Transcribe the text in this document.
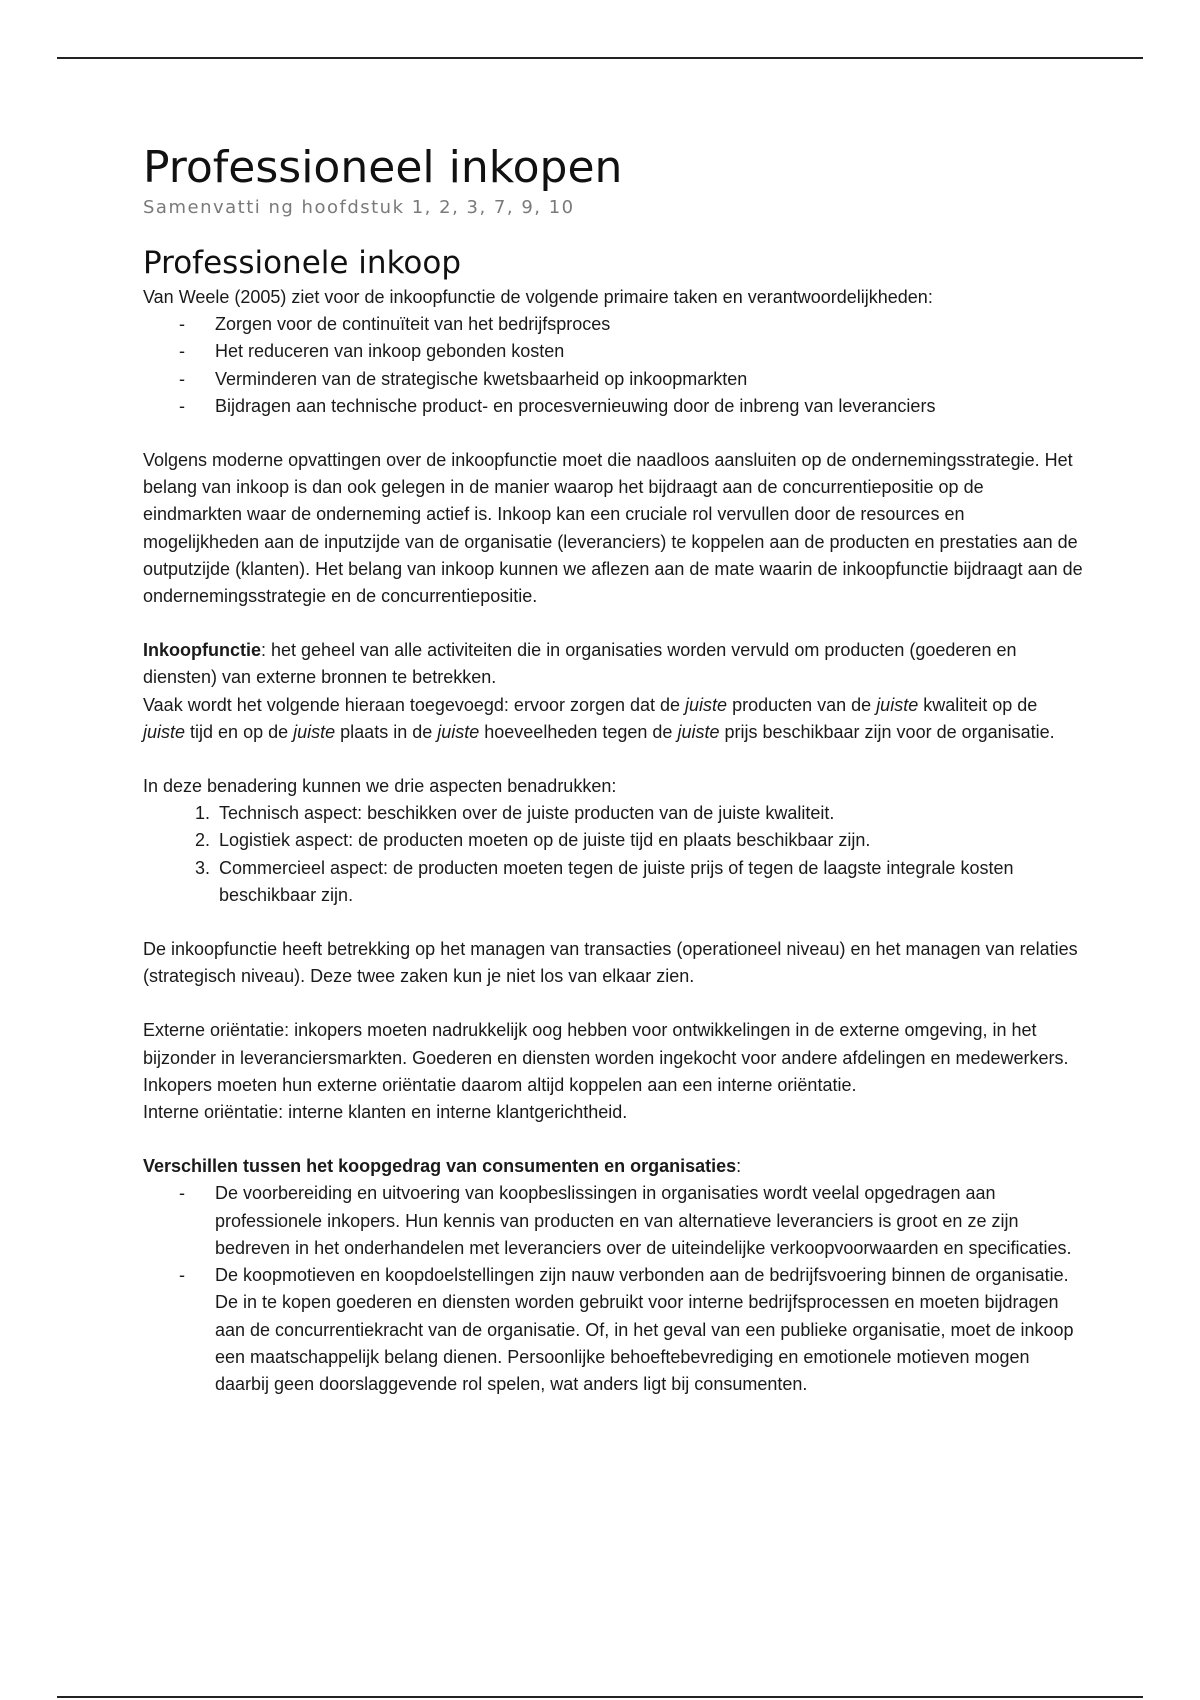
Professioneel inkopen
Samenvatti ng hoofdstuk 1, 2, 3, 7, 9, 10
Professionele inkoop

Van Weele (2005) ziet voor de inkoopfunctie de volgende primaire taken en verantwoordelijkheden:

- Zorgen voor de continuïteit van het bedrijfsproces
- Het reduceren van inkoop gebonden kosten
- Verminderen van de strategische kwetsbaarheid op inkoopmarkten
- Bijdragen aan technische product- en procesvernieuwing door de inbreng van leveranciers

Volgens moderne opvattingen over de inkoopfunctie moet die naadloos aansluiten op de ondernemingsstrategie. Het belang van inkoop is dan ook gelegen in de manier waarop het bijdraagt aan de concurrentiepositie op de eindmarkten waar de onderneming actief is. Inkoop kan een cruciale rol vervullen door de resources en mogelijkheden aan de inputzijde van de organisatie (leveranciers) te koppelen aan de producten en prestaties aan de outputzijde (klanten). Het belang van inkoop kunnen we aflezen aan de mate waarin de inkoopfunctie bijdraagt aan de ondernemingsstrategie en de concurrentiepositie.

Inkoopfunctie: het geheel van alle activiteiten die in organisaties worden vervuld om producten (goederen en diensten) van externe bronnen te betrekken.

Vaak wordt het volgende hieraan toegevoegd: ervoor zorgen dat de juiste producten van de juiste kwaliteit op de juiste tijd en op de juiste plaats in de juiste hoeveelheden tegen de juiste prijs beschikbaar zijn voor de organisatie.

In deze benadering kunnen we drie aspecten benadrukken:

1. Technisch aspect: beschikken over de juiste producten van de juiste kwaliteit.
2. Logistiek aspect: de producten moeten op de juiste tijd en plaats beschikbaar zijn.
3. Commercieel aspect: de producten moeten tegen de juiste prijs of tegen de laagste integrale kosten beschikbaar zijn.

De inkoopfunctie heeft betrekking op het managen van transacties (operationeel niveau) en het managen van relaties (strategisch niveau). Deze twee zaken kun je niet los van elkaar zien.

Externe oriëntatie: inkopers moeten nadrukkelijk oog hebben voor ontwikkelingen in de externe omgeving, in het bijzonder in leveranciersmarkten. Goederen en diensten worden ingekocht voor andere afdelingen en medewerkers. Inkopers moeten hun externe oriëntatie daarom altijd koppelen aan een interne oriëntatie.

Interne oriëntatie: interne klanten en interne klantgerichtheid.

Verschillen tussen het koopgedrag van consumenten en organisaties:

- De voorbereiding en uitvoering van koopbeslissingen in organisaties wordt veelal opgedragen aan professionele inkopers. Hun kennis van producten en van alternatieve leveranciers is groot en ze zijn bedreven in het onderhandelen met leveranciers over de uiteindelijke verkoopvoorwaarden en specificaties.
- De koopmotieven en koopdoelstellingen zijn nauw verbonden aan de bedrijfsvoering binnen de organisatie. De in te kopen goederen en diensten worden gebruikt voor interne bedrijfsprocessen en moeten bijdragen aan de concurrentiekracht van de organisatie. Of, in het geval van een publieke organisatie, moet de inkoop een maatschappelijk belang dienen. Persoonlijke behoeftebevrediging en emotionele motieven mogen daarbij geen doorslaggevende rol spelen, wat anders ligt bij consumenten.
